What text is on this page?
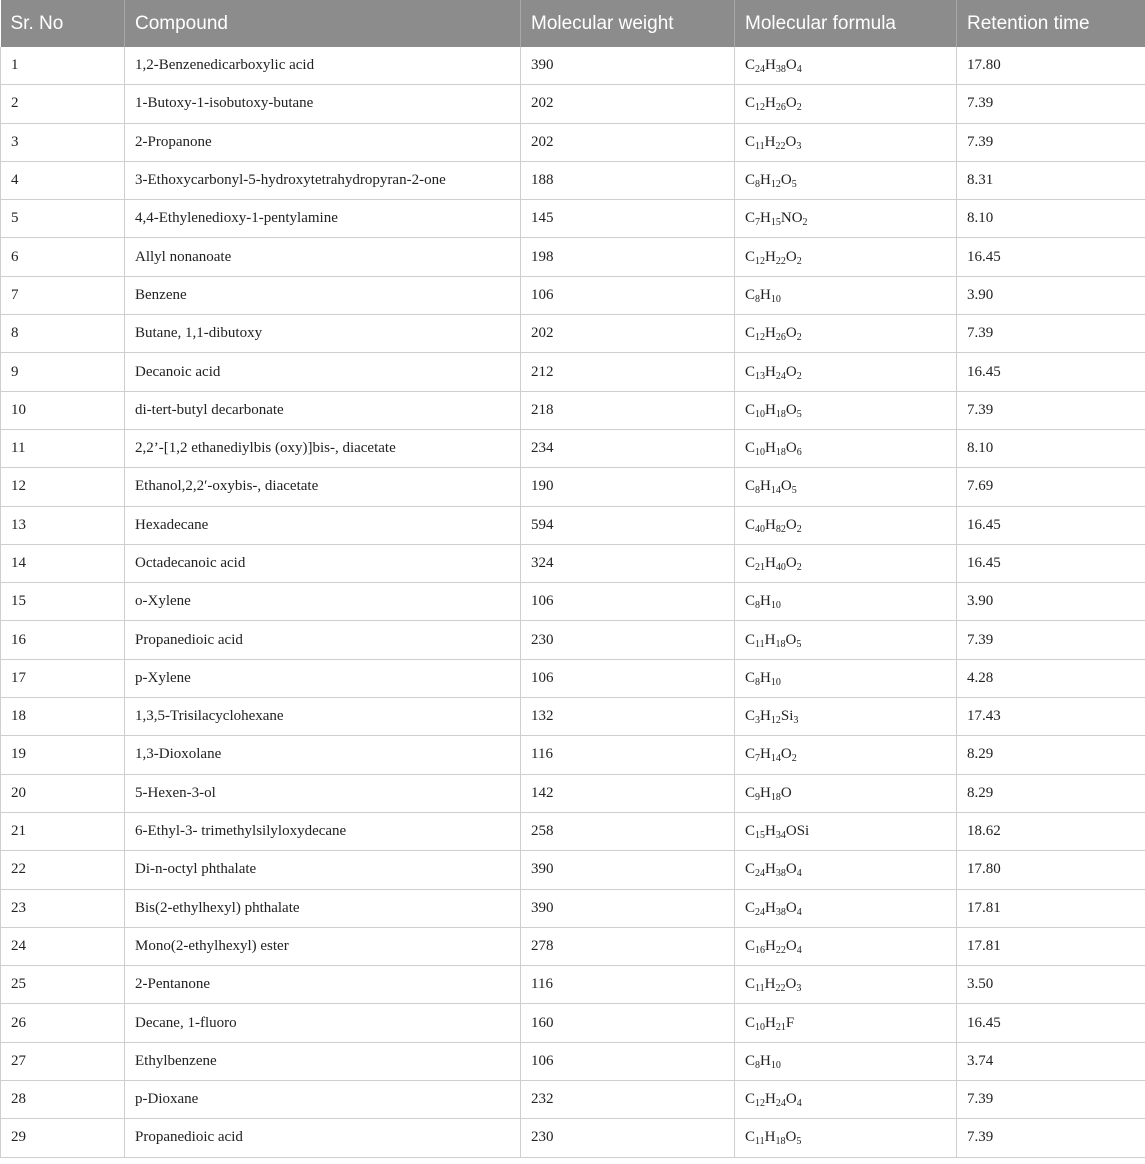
Sr. No	Compound	Molecular weight	Molecular formula	Retention time
1	1,2-Benzenedicarboxylic acid	390	$C_{24}H_{38}O_4$	17.80
2	1-Butoxy-1-isobutoxy-butane	202	$C_{12}H_{26}O_2$	7.39
3	2-Propanone	202	$C_{11}H_{22}O_3$	7.39
4	3-Ethoxycarbonyl-5-hydroxytetrahydropyran-2-one	188	$C_8H_{12}O_5$	8.31
5	4,4-Ethylenedioxy-1-pentylamine	145	$C_7H_{15}NO_2$	8.10
6	Allyl nonanoate	198	$C_{12}H_{22}O_2$	16.45
7	Benzene	106	$C_8H_{10}$	3.90
8	Butane, 1,1-dibutoxy	202	$C_{12}H_{26}O_2$	7.39
9	Decanoic acid	212	$C_{13}H_{24}O_2$	16.45
10	di-tert-butyl decarbonate	218	$C_{10}H_{18}O_5$	7.39
11	2,2’-[1,2 ethanediylbis (oxy)]bis-, diacetate	234	$C_{10}H_{18}O_6$	8.10
12	Ethanol,2,2′-oxybis-, diacetate	190	$C_8H_{14}O_5$	7.69
13	Hexadecane	594	$C_{40}H_{82}O_2$	16.45
14	Octadecanoic acid	324	$C_{21}H_{40}O_2$	16.45
15	o-Xylene	106	$C_8H_{10}$	3.90
16	Propanedioic acid	230	$C_{11}H_{18}O_5$	7.39
17	p-Xylene	106	$C_8H_{10}$	4.28
18	1,3,5-Trisilacyclohexane	132	$C_3H_{12}Si_3$	17.43
19	1,3-Dioxolane	116	$C_7H_{14}O_2$	8.29
20	5-Hexen-3-ol	142	$C_9H_{18}O$	8.29
21	6-Ethyl-3- trimethylsilyloxydecane	258	$C_{15}H_{34}OSi$	18.62
22	Di-n-octyl phthalate	390	$C_{24}H_{38}O_4$	17.80
23	Bis(2-ethylhexyl) phthalate	390	$C_{24}H_{38}O_4$	17.81
24	Mono(2-ethylhexyl) ester	278	$C_{16}H_{22}O_4$	17.81
25	2-Pentanone	116	$C_{11}H_{22}O_3$	3.50
26	Decane, 1-fluoro	160	$C_{10}H_{21}F$	16.45
27	Ethylbenzene	106	$C_8H_{10}$	3.74
28	p-Dioxane	232	$C_{12}H_{24}O_4$	7.39
29	Propanedioic acid	230	$C_{11}H_{18}O_5$	7.39
